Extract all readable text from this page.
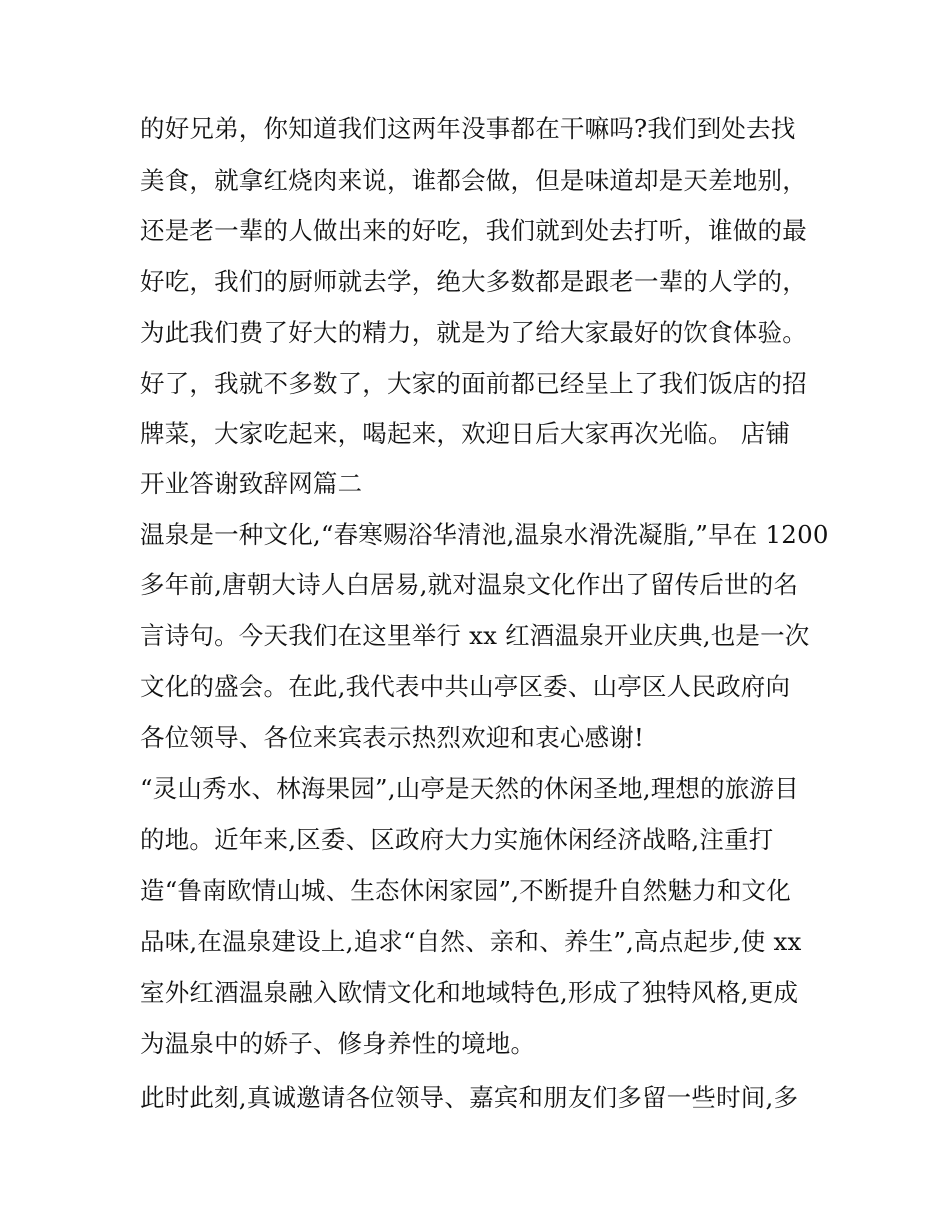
的好兄弟，你知道我们这两年没事都在干嘛吗?我们到处去找
美食，就拿红烧肉来说，谁都会做，但是味道却是天差地别，
还是老一辈的人做出来的好吃，我们就到处去打听，谁做的最
好吃，我们的厨师就去学，绝大多数都是跟老一辈的人学的，
为此我们费了好大的精力，就是为了给大家最好的饮食体验。
好了，我就不多数了，大家的面前都已经呈上了我们饭店的招
牌菜，大家吃起来，喝起来，欢迎日后大家再次光临。 店铺
开业答谢致辞网篇二
温泉是一种文化,“春寒赐浴华清池,温泉水滑洗凝脂,”早在 1200
多年前,唐朝大诗人白居易,就对温泉文化作出了留传后世的名
言诗句。今天我们在这里举行 xx 红酒温泉开业庆典,也是一次
文化的盛会。在此,我代表中共山亭区委、山亭区人民政府向
各位领导、各位来宾表示热烈欢迎和衷心感谢!
“灵山秀水、林海果园”,山亭是天然的休闲圣地,理想的旅游目
的地。近年来,区委、区政府大力实施休闲经济战略,注重打
造“鲁南欧情山城、生态休闲家园”,不断提升自然魅力和文化
品味,在温泉建设上,追求“自然、亲和、养生”,高点起步,使 xx
室外红酒温泉融入欧情文化和地域特色,形成了独特风格,更成
为温泉中的娇子、修身养性的境地。
此时此刻,真诚邀请各位领导、嘉宾和朋友们多留一些时间,多
